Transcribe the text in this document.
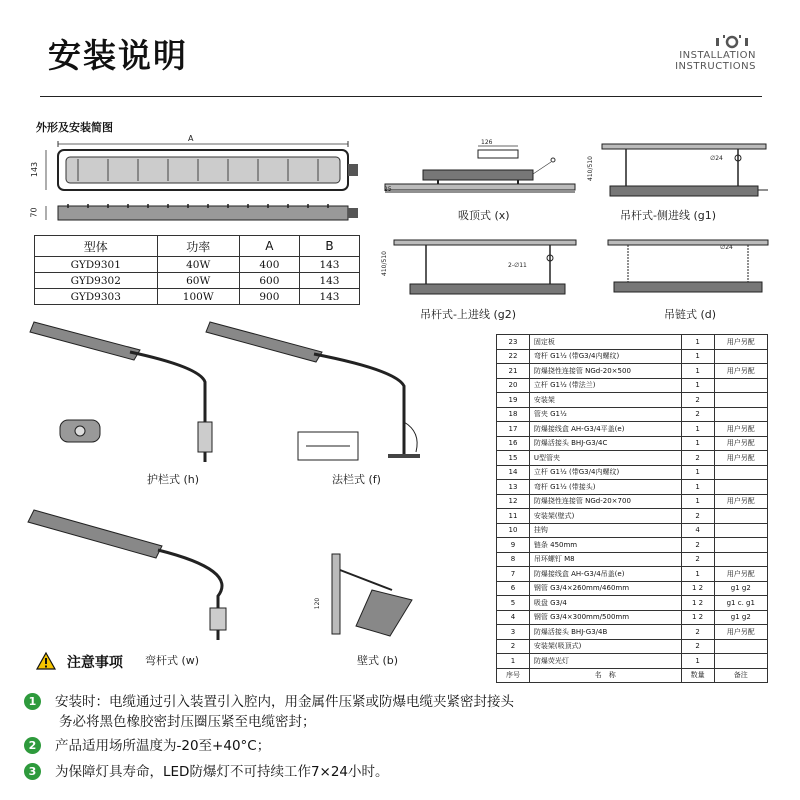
安装说明	INSTALLATION
INSTRUCTIONS
外形及安装简图
A
143
70
型体	功率	A	B
GYD9301	40W	400	143
GYD9302	60W	600	143
GYD9303	100W	900	143
126
25
吸顶式 (x)
410/510	∅24
吊杆式-侧进线 (g1)
410/510	2-∅11
吊杆式-上进线 (g2)
∅24
吊链式 (d)
护栏式 (h)	法栏式 (f)
弯杆式 (w)
120
壁式 (b)
23	固定板	1	用户另配
22	弯杆 G1½ (带G3/4内螺纹)	1	
21	防爆挠性连接管 NGd-20×500	1	用户另配
20	立杆 G1½ (带法兰)	1	
19	安装架	2	
18	管夹 G1½	2	
17	防爆接线盒 AH-G3/4平盖(e)	1	用户另配
16	防爆活接头 BHJ-G3/4C	1	用户另配
15	U型管夹	2	用户另配
14	立杆 G1½ (带G3/4内螺纹)	1	
13	弯杆 G1½ (带接头)	1	
12	防爆挠性连接管 NGd-20×700	1	用户另配
11	安装架(壁式)	2	
10	挂钩	4	
9	链条 450mm	2	
8	吊环螺钉 M8	2	
7	防爆接线盒 AH-G3/4吊盖(e)	1	用户另配
6	钢管 G3/4×260mm/460mm	1 2	g1 g2
5	吸盘 G3/4	1 2	g1 c. g1
4	钢管 G3/4×300mm/500mm	1 2	g1 g2
3	防爆活接头 BHJ-G3/4B	2	用户另配
2	安装架(吸顶式)	2	
1	防爆荧光灯	1	
序号	名　称	数量	备注
注意事项
1 安装时：电缆通过引入装置引入腔内，用金属件压紧或防爆电缆夹紧密封接头
务必将黑色橡胶密封压圈压紧至电缆密封；
2 产品适用场所温度为-20至+40°C；
3 为保障灯具寿命，LED防爆灯不可持续工作7×24小时。
